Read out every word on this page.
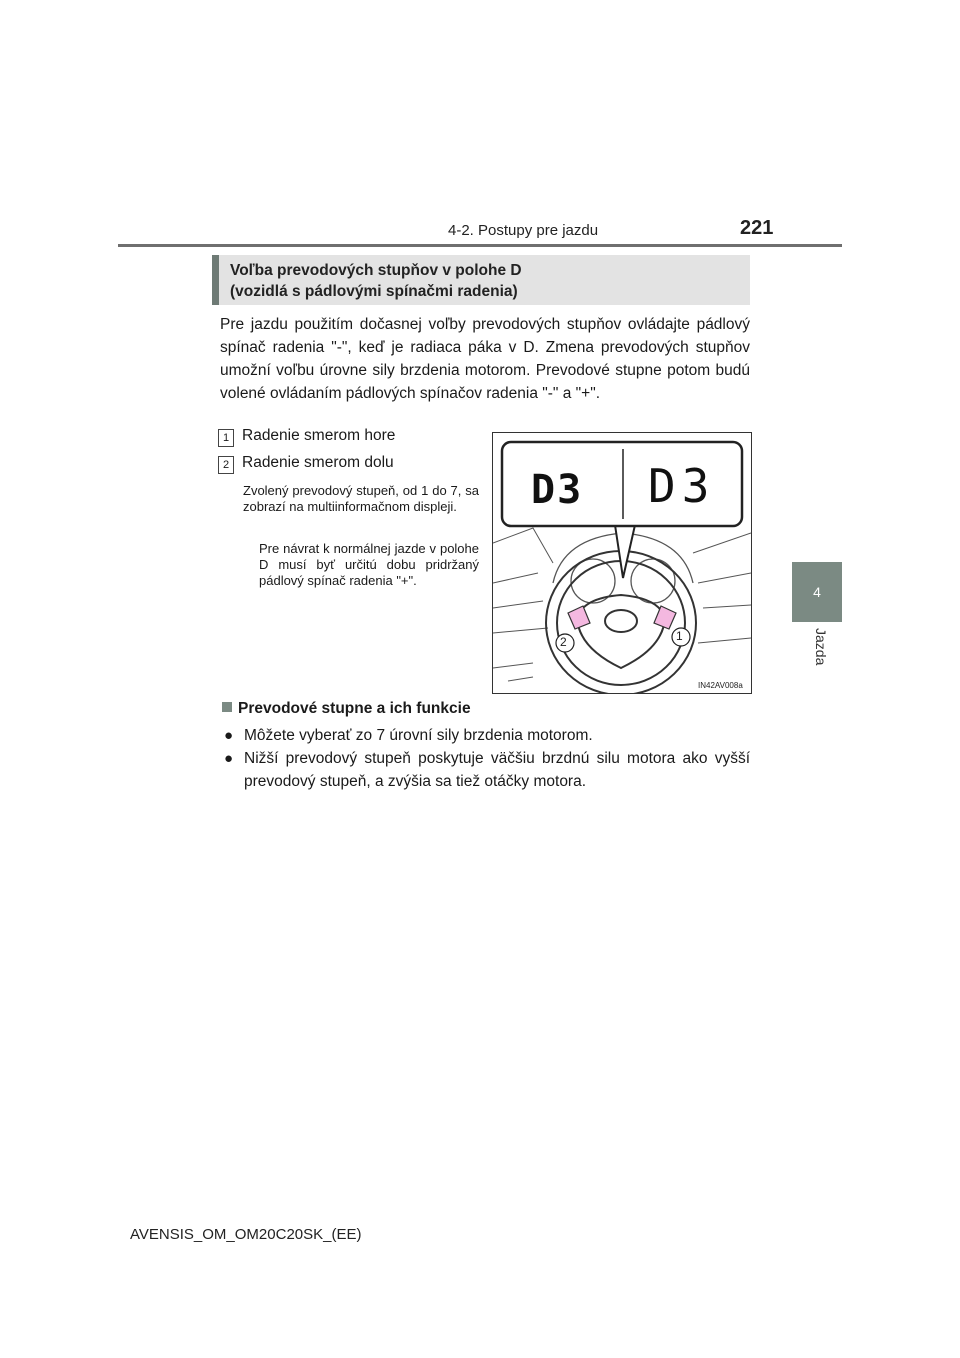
4-2. Postupy pre jazdu	221
4
Jazda
Voľba prevodových stupňov v polohe D
(vozidlá s pádlovými spínačmi radenia)

Pre jazdu použitím dočasnej voľby prevodových stupňov ovládajte pádlový spínač radenia "-", keď je radiaca páka v D. Zmena prevodových stupňov umožní voľbu úrovne sily brzdenia motorom. Prevodové stupne potom budú volené ovládaním pádlových spínačov radenia "-" a "+".

1 Radenie smerom hore
2 Radenie smerom dolu

Zvolený prevodový stupeň, od 1 do 7, sa zobrazí na multiinformačnom displeji.

Pre návrat k normálnej jazde v polohe D musí byť určitú dobu pridržaný pádlový spínač radenia "+".

D3 D3
1
2
IN42AV008a
Prevodové stupne a ich funkcie

● Môžete vyberať zo 7 úrovní sily brzdenia motorom.

● Nižší prevodový stupeň poskytuje väčšiu brzdnú silu motora ako vyšší prevodový stupeň, a zvýšia sa tiež otáčky motora.

AVENSIS_OM_OM20C20SK_(EE)
